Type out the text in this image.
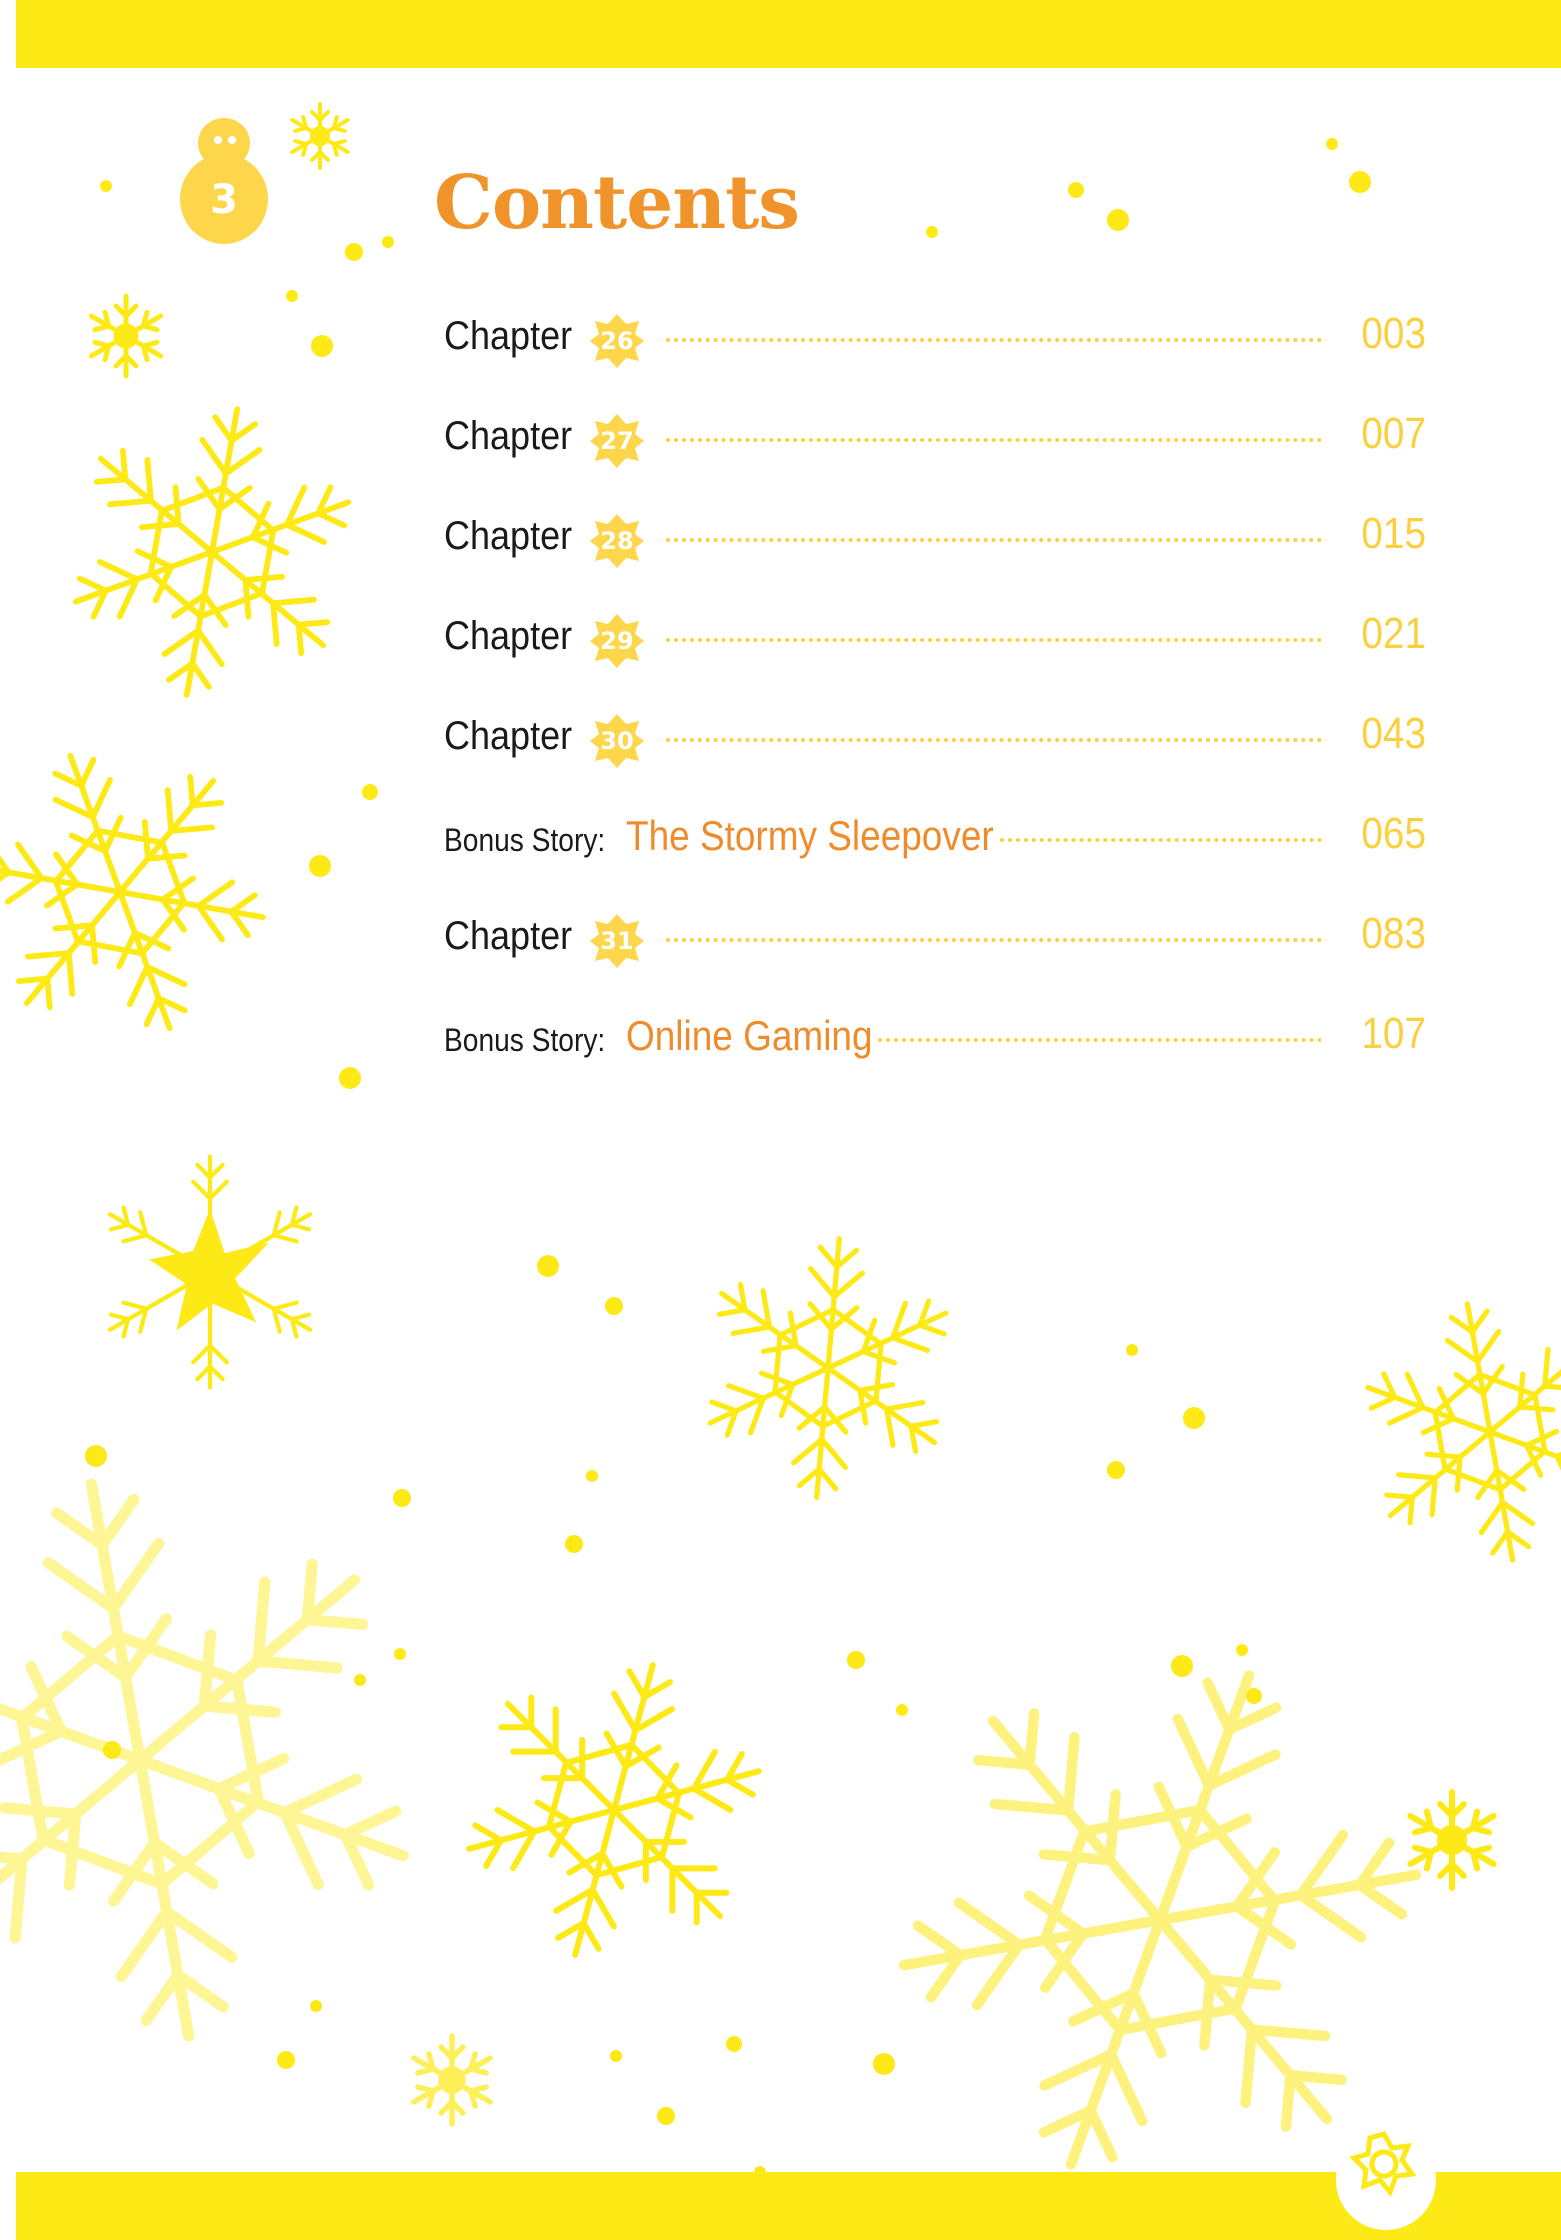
3	Contents
Chapter	26	003
Chapter	27	007
Chapter	28	015
Chapter	29	021
Chapter	30	043
Bonus Story: The Stormy Sleepover	065
Chapter	31	083
Bonus Story: Online Gaming	107
